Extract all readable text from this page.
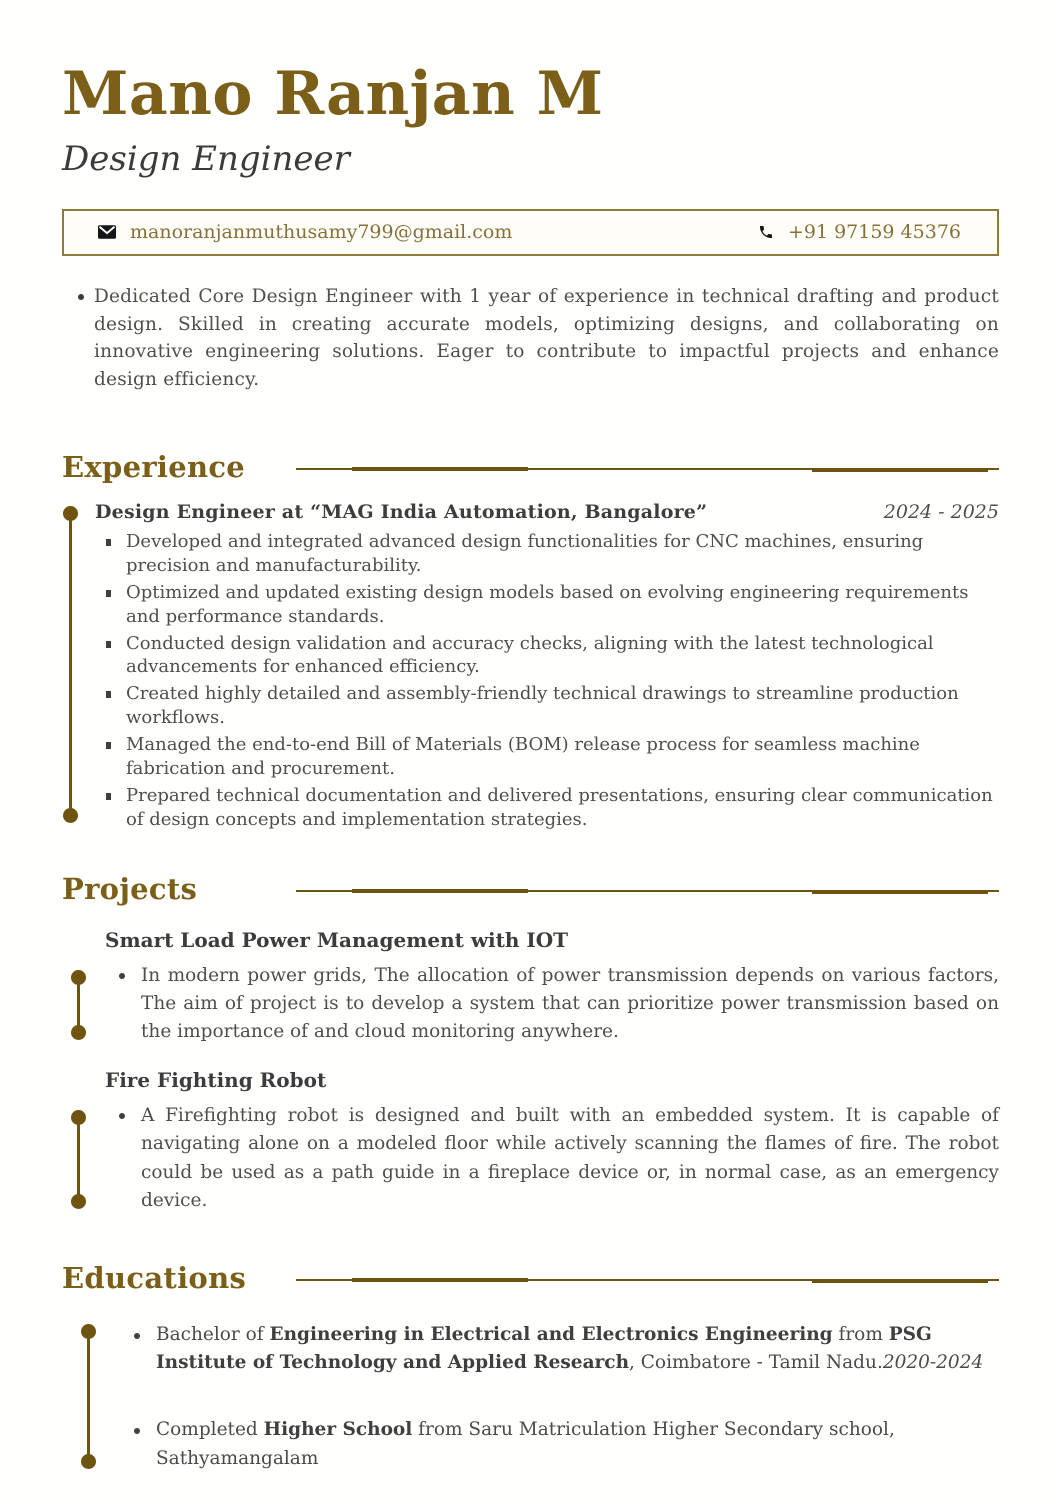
Mano Ranjan M
Design Engineer
manoranjanmuthusamy799@gmail.com	+91 97159 45376

Dedicated Core Design Engineer with 1 year of experience in technical drafting and product design. Skilled in creating accurate models, optimizing designs, and collaborating on innovative engineering solutions. Eager to contribute to impactful projects and enhance design efficiency.

Experience
Design Engineer at “MAG India Automation, Bangalore”	2024 - 2025
Developed and integrated advanced design functionalities for CNC machines, ensuring precision and manufacturability.
Optimized and updated existing design models based on evolving engineering requirements and performance standards.
Conducted design validation and accuracy checks, aligning with the latest technological advancements for enhanced efficiency.
Created highly detailed and assembly-friendly technical drawings to streamline production workflows.
Managed the end-to-end Bill of Materials (BOM) release process for seamless machine fabrication and procurement.
Prepared technical documentation and delivered presentations, ensuring clear communication of design concepts and implementation strategies.
Projects
Smart Load Power Management with IOT

In modern power grids, The allocation of power transmission depends on various factors, The aim of project is to develop a system that can prioritize power transmission based on the importance of and cloud monitoring anywhere.

Fire Fighting Robot

A Firefighting robot is designed and built with an embedded system. It is capable of navigating alone on a modeled floor while actively scanning the flames of fire. The robot could be used as a path guide in a fireplace device or, in normal case, as an emergency device.

Educations
Bachelor of Engineering in Electrical and Electronics Engineering from PSG Institute of Technology and Applied Research, Coimbatore - Tamil Nadu.2020-2024
Completed Higher School from Saru Matriculation Higher Secondary school, Sathyamangalam
